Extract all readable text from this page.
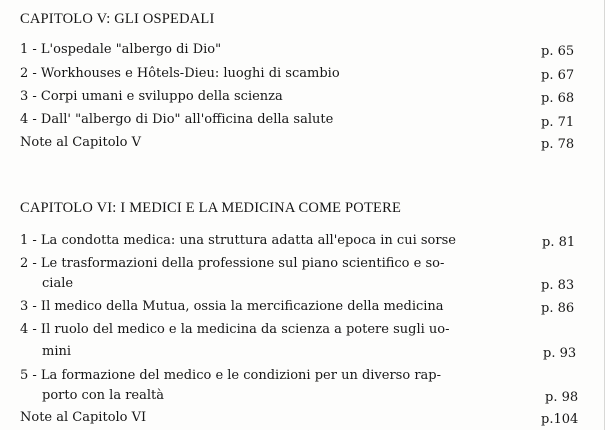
CAPITOLO V: GLI OSPEDALI
1 - L'ospedale "albergo di Dio"	p. 65
2 - Workhouses e Hôtels-Dieu: luoghi di scambio	p. 67
3 - Corpi umani e sviluppo della scienza	p. 68
4 - Dall' "albergo di Dio" all'officina della salute	p. 71
Note al Capitolo V	p. 78
CAPITOLO VI: I MEDICI E LA MEDICINA COME POTERE
1 - La condotta medica: una struttura adatta all'epoca in cui sorse	p. 81
2 - Le trasformazioni della professione sul piano scientifico e so-
ciale	p. 83
3 - Il medico della Mutua, ossia la mercificazione della medicina	p. 86
4 - Il ruolo del medico e la medicina da scienza a potere sugli uo-
mini	p. 93
5 - La formazione del medico e le condizioni per un diverso rap-
porto con la realtà	p. 98
Note al Capitolo VI	p.104
